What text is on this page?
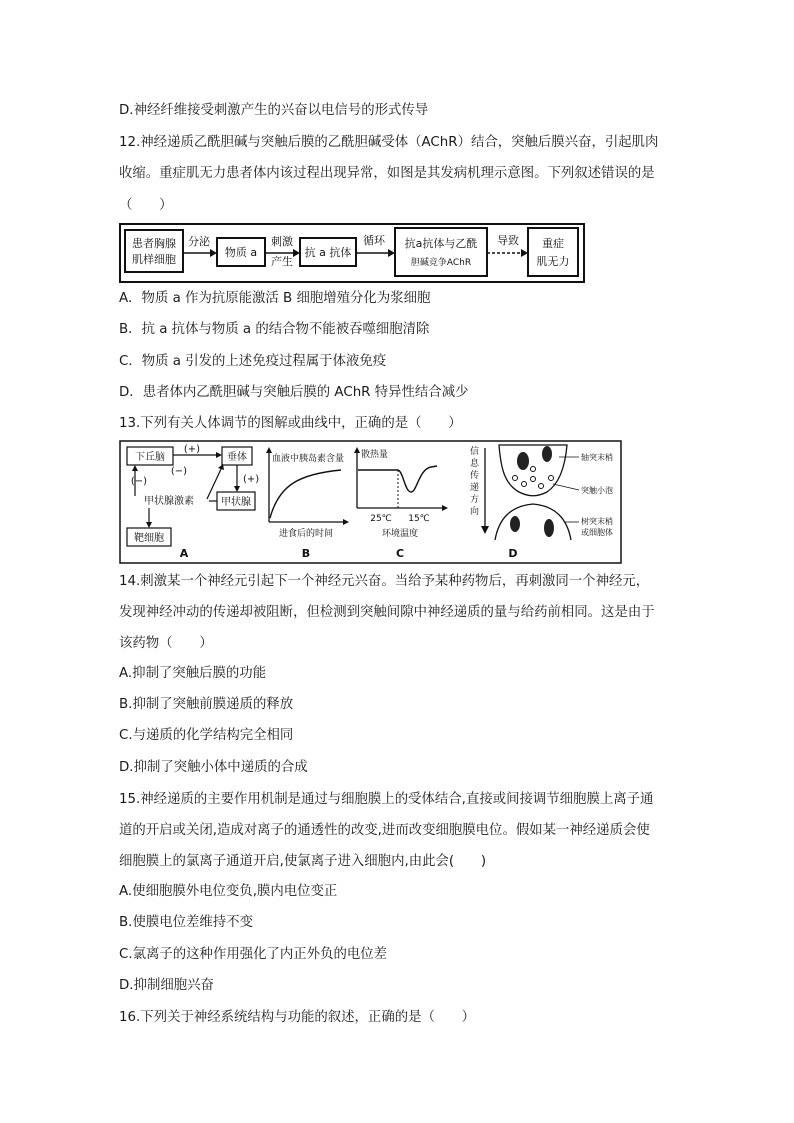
D.神经纤维接受刺激产生的兴奋以电信号的形式传导
12.神经递质乙酰胆碱与突触后膜的乙酰胆碱受体（AChR）结合，突触后膜兴奋，引起肌肉
收缩。重症肌无力患者体内该过程出现异常，如图是其发病机理示意图。下列叙述错误的是
（　　）
患者胸腺
肌样细胞
分泌
物质 a
刺激
产生
抗 a 抗体
循环 抗a抗体与乙酰
胆碱竞争AChR
导致 重症
肌无力
A．物质 a 作为抗原能激活 B 细胞增殖分化为浆细胞
B．抗 a 抗体与物质 a 的结合物不能被吞噬细胞清除
C．物质 a 引发的上述免疫过程属于体液免疫
D．患者体内乙酰胆碱与突触后膜的 AChR 特异性结合减少
13.下列有关人体调节的图解或曲线中，正确的是（　　）
下丘脑	垂体
(+)
(−)
(+)
甲状腺
甲状腺激素
(−)
靶细胞
A
血液中胰岛素含量
进食后的时间
B
散热量
25℃ 15℃
环境温度
C
信
息
传
递
方
向
轴突末梢
突触小泡
树突末梢
或细胞体
D
14.刺激某一个神经元引起下一个神经元兴奋。当给予某种药物后，再刺激同一个神经元，
发现神经冲动的传递却被阻断，但检测到突触间隙中神经递质的量与给药前相同。这是由于
该药物（　　）
A.抑制了突触后膜的功能
B.抑制了突触前膜递质的释放
C.与递质的化学结构完全相同
D.抑制了突触小体中递质的合成
15.神经递质的主要作用机制是通过与细胞膜上的受体结合,直接或间接调节细胞膜上离子通
道的开启或关闭,造成对离子的通透性的改变,进而改变细胞膜电位。假如某一神经递质会使
细胞膜上的氯离子通道开启,使氯离子进入细胞内,由此会(　　)
A.使细胞膜外电位变负,膜内电位变正
B.使膜电位差维持不变
C.氯离子的这种作用强化了内正外负的电位差
D.抑制细胞兴奋
16.下列关于神经系统结构与功能的叙述，正确的是（　　）
